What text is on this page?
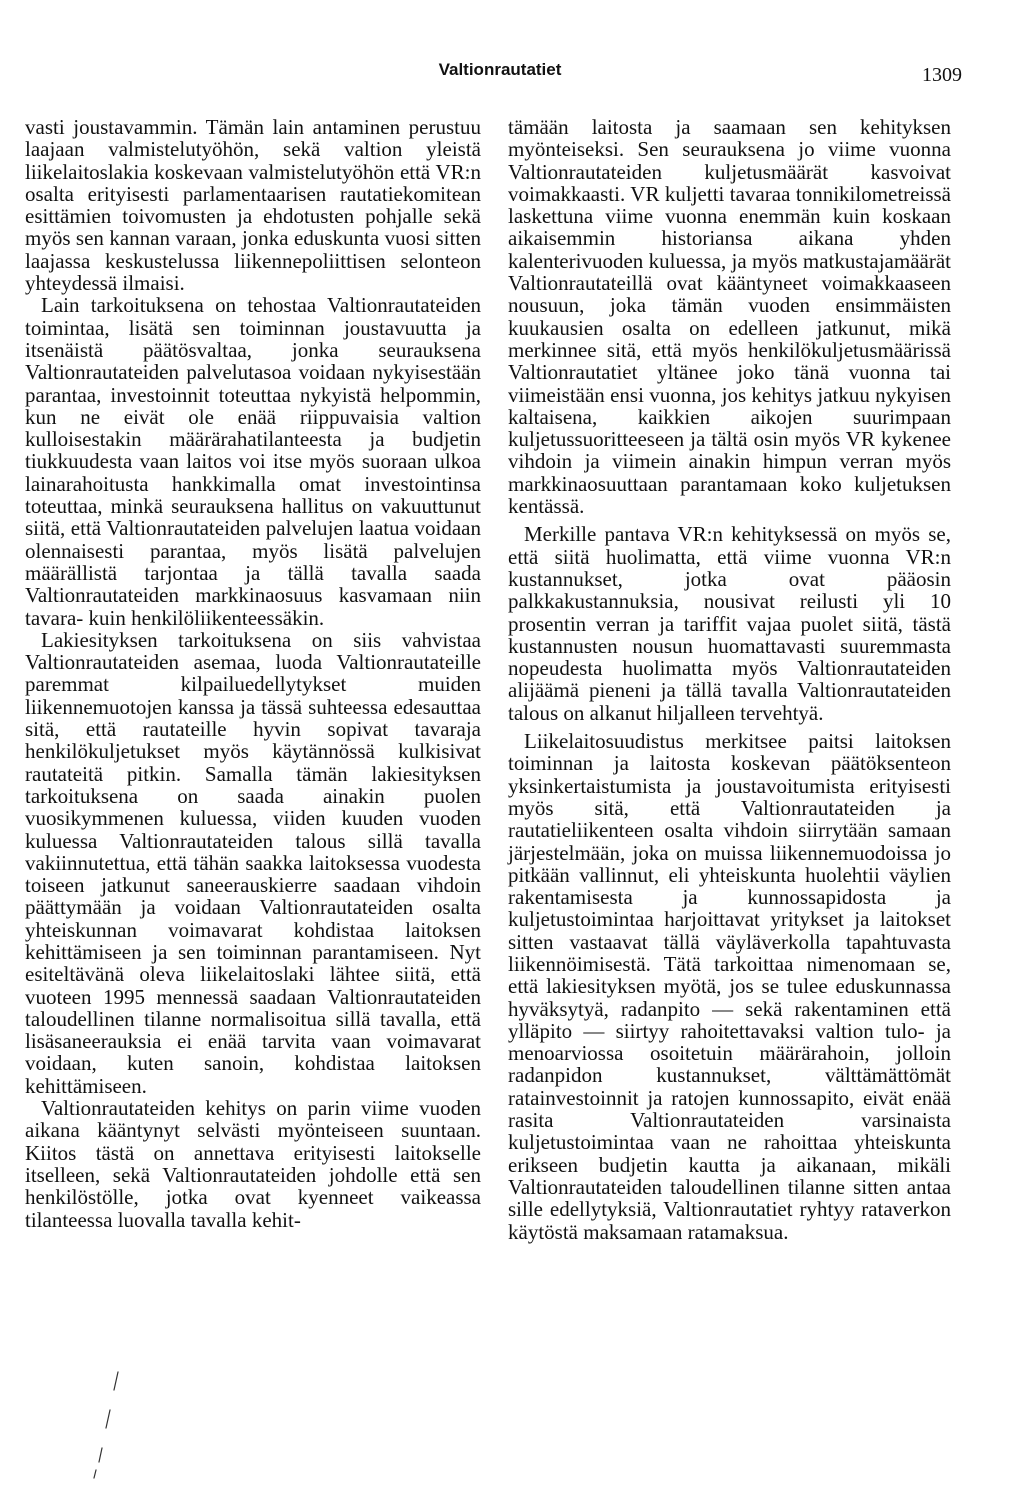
Valtionrautatiet	1309

vasti joustavammin. Tämän lain antaminen perustuu laajaan valmistelutyöhön, sekä valtion yleistä liikelaitoslakia koskevaan valmistelutyöhön että VR:n osalta erityisesti parlamentaarisen rautatiekomitean esittämien toivomusten ja ehdotusten pohjalle sekä myös sen kannan varaan, jonka eduskunta vuosi sitten laajassa keskustelussa liikennepoliittisen selonteon yhteydessä ilmaisi.

Lain tarkoituksena on tehostaa Valtionrautateiden toimintaa, lisätä sen toiminnan joustavuutta ja itsenäistä päätösvaltaa, jonka seurauksena Valtionrautateiden palvelutasoa voidaan nykyisestään parantaa, investoinnit toteuttaa nykyistä helpommin, kun ne eivät ole enää riippuvaisia valtion kulloisestakin määrärahatilanteesta ja budjetin tiukkuudesta vaan laitos voi itse myös suoraan ulkoa lainarahoitusta hankkimalla omat investointinsa toteuttaa, minkä seurauksena hallitus on vakuuttunut siitä, että Valtionrautateiden palvelujen laatua voidaan olennaisesti parantaa, myös lisätä palvelujen määrällistä tarjontaa ja tällä tavalla saada Valtionrautateiden markkinaosuus kasvamaan niin tavara- kuin henkilöliikenteessäkin.

Lakiesityksen tarkoituksena on siis vahvistaa Valtionrautateiden asemaa, luoda Valtionrautateille paremmat kilpailuedellytykset muiden liikennemuotojen kanssa ja tässä suhteessa edesauttaa sitä, että rautateille hyvin sopivat tavaraja henkilökuljetukset myös käytännössä kulkisivat rautateitä pitkin. Samalla tämän lakiesityksen tarkoituksena on saada ainakin puolen vuosikymmenen kuluessa, viiden kuuden vuoden kuluessa Valtionrautateiden talous sillä tavalla vakiinnutettua, että tähän saakka laitoksessa vuodesta toiseen jatkunut saneerauskierre saadaan vihdoin päättymään ja voidaan Valtionrautateiden osalta yhteiskunnan voimavarat kohdistaa laitoksen kehittämiseen ja sen toiminnan parantamiseen. Nyt esiteltävänä oleva liikelaitoslaki lähtee siitä, että vuoteen 1995 mennessä saadaan Valtionrautateiden taloudellinen tilanne normalisoitua sillä tavalla, että lisäsaneerauksia ei enää tarvita vaan voimavarat voidaan, kuten sanoin, kohdistaa laitoksen kehittämiseen.

Valtionrautateiden kehitys on parin viime vuoden aikana kääntynyt selvästi myönteiseen suuntaan. Kiitos tästä on annettava erityisesti laitokselle itselleen, sekä Valtionrautateiden johdolle että sen henkilöstölle, jotka ovat kyenneet vaikeassa tilanteessa luovalla tavalla kehit-

tämään laitosta ja saamaan sen kehityksen myönteiseksi. Sen seurauksena jo viime vuonna Valtionrautateiden kuljetusmäärät kasvoivat voimakkaasti. VR kuljetti tavaraa tonnikilometreissä laskettuna viime vuonna enemmän kuin koskaan aikaisemmin historiansa aikana yhden kalenterivuoden kuluessa, ja myös matkustajamäärät Valtionrautateillä ovat kääntyneet voimakkaaseen nousuun, joka tämän vuoden ensimmäisten kuukausien osalta on edelleen jatkunut, mikä merkinnee sitä, että myös henkilökuljetusmäärissä Valtionrautatiet yltänee joko tänä vuonna tai viimeistään ensi vuonna, jos kehitys jatkuu nykyisen kaltaisena, kaikkien aikojen suurimpaan kuljetussuoritteeseen ja tältä osin myös VR kykenee vihdoin ja viimein ainakin himpun verran myös markkinaosuuttaan parantamaan koko kuljetuksen kentässä.

Merkille pantava VR:n kehityksessä on myös se, että siitä huolimatta, että viime vuonna VR:n kustannukset, jotka ovat pääosin palkkakustannuksia, nousivat reilusti yli 10 prosentin verran ja tariffit vajaa puolet siitä, tästä kustannusten nousun huomattavasti suuremmasta nopeudesta huolimatta myös Valtionrautateiden alijäämä pieneni ja tällä tavalla Valtionrautateiden talous on alkanut hiljalleen tervehtyä.

Liikelaitosuudistus merkitsee paitsi laitoksen toiminnan ja laitosta koskevan päätöksenteon yksinkertaistumista ja joustavoitumista erityisesti myös sitä, että Valtionrautateiden ja rautatieliikenteen osalta vihdoin siirrytään samaan järjestelmään, joka on muissa liikennemuodoissa jo pitkään vallinnut, eli yhteiskunta huolehtii väylien rakentamisesta ja kunnossapidosta ja kuljetustoimintaa harjoittavat yritykset ja laitokset sitten vastaavat tällä väyläverkolla tapahtuvasta liikennöimisestä. Tätä tarkoittaa nimenomaan se, että lakiesityksen myötä, jos se tulee eduskunnassa hyväksytyä, radanpito — sekä rakentaminen että ylläpito — siirtyy rahoitettavaksi valtion tulo- ja menoarviossa osoitetuin määrärahoin, jolloin radanpidon kustannukset, välttämättömät ratainvestoinnit ja ratojen kunnossapito, eivät enää rasita Valtionrautateiden varsinaista kuljetustoimintaa vaan ne rahoittaa yhteiskunta erikseen budjetin kautta ja aikanaan, mikäli Valtionrautateiden taloudellinen tilanne sitten antaa sille edellytyksiä, Valtionrautatiet ryhtyy rataverkon käytöstä maksamaan ratamaksua.
